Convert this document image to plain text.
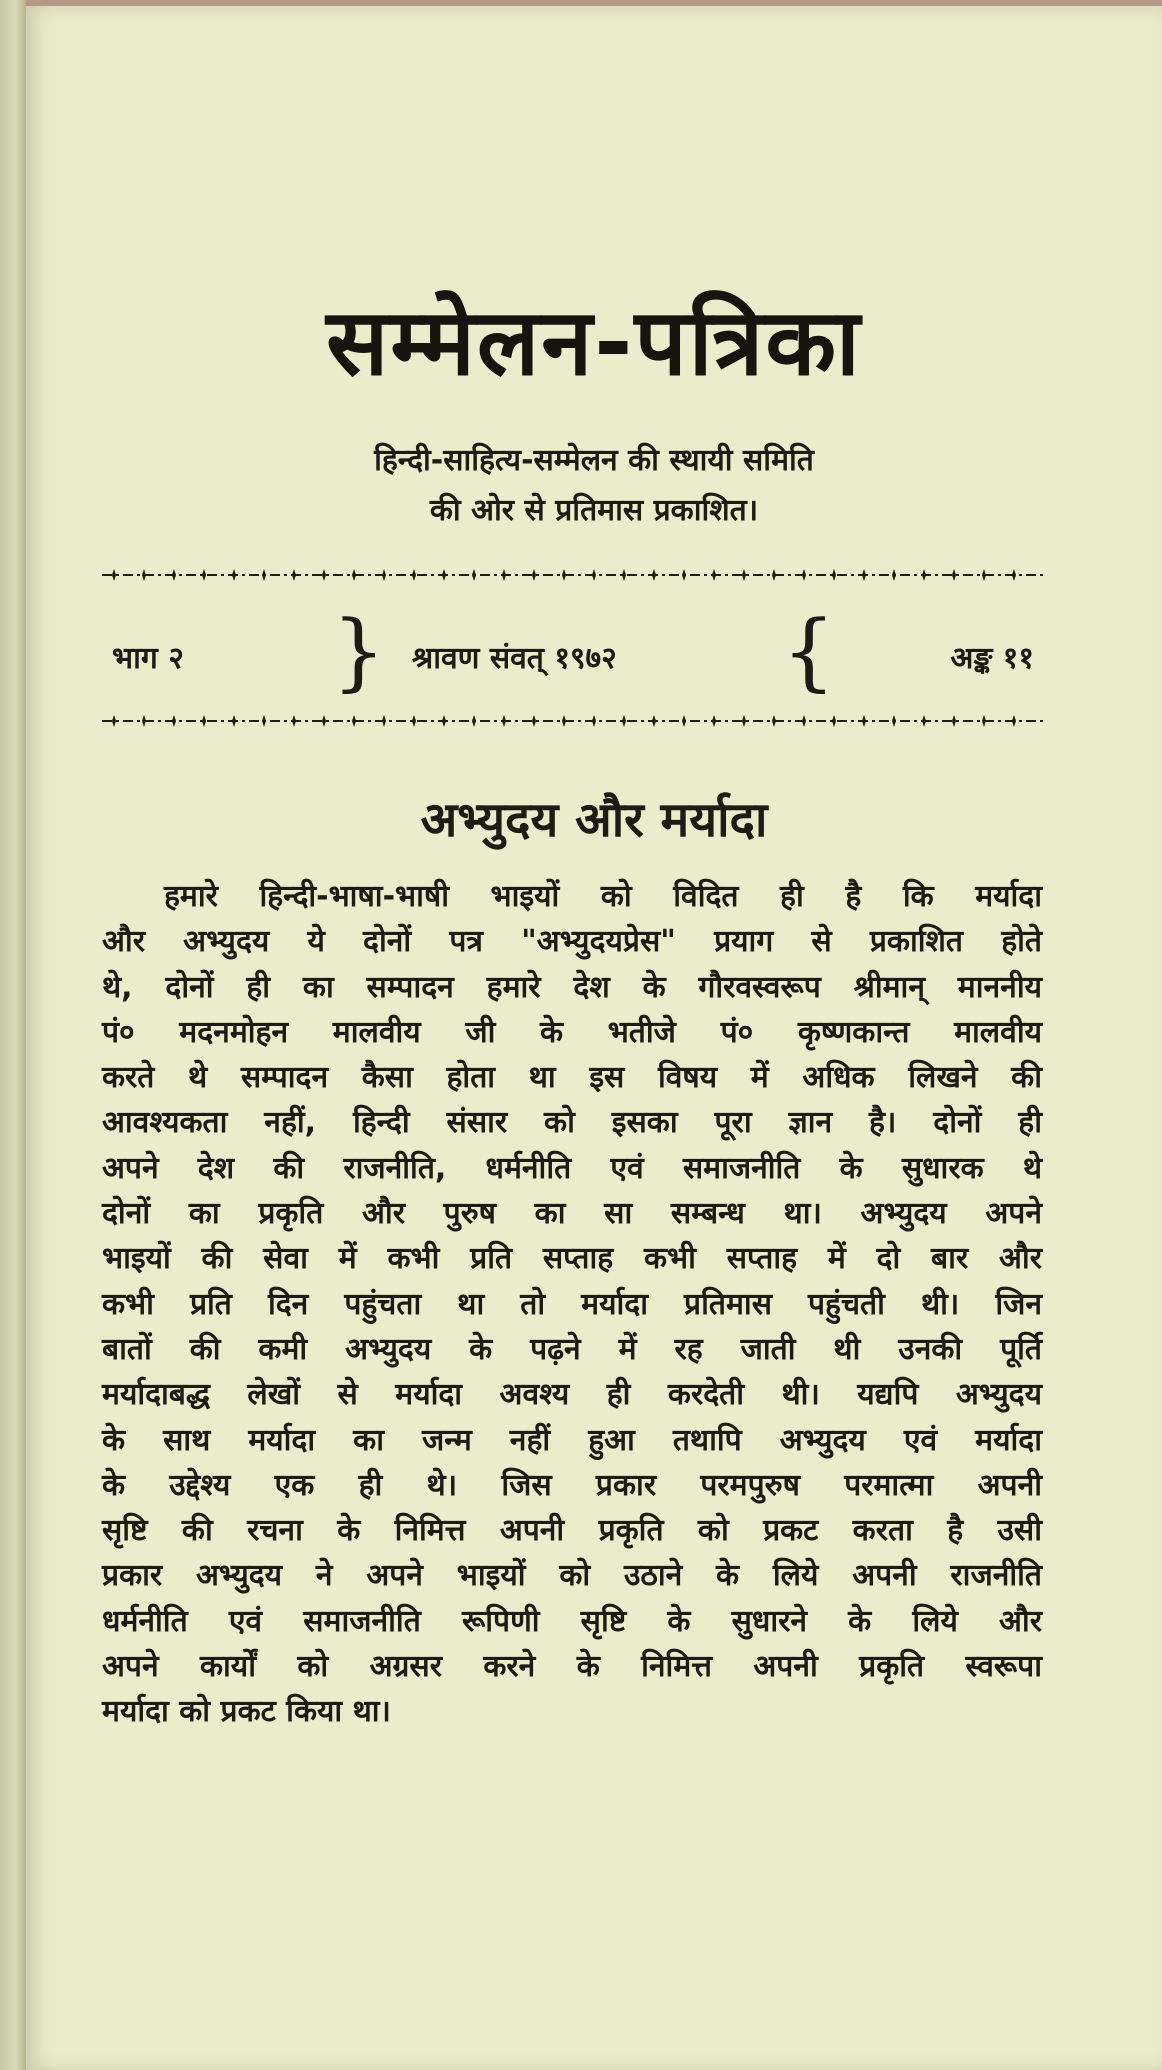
सम्मेलन-पत्रिका
हिन्दी-साहित्य-सम्मेलन की स्थायी समिति
की ओर से प्रतिमास प्रकाशित।
भाग २ } श्रावण संवत् १९७२ {	अङ्क ११
अभ्युदय और मर्यादा
हमारे हिन्दी-भाषा-भाषी भाइयों को विदित ही है कि मर्यादा
और अभ्युदय ये दोनों पत्र "अभ्युदयप्रेस" प्रयाग से प्रकाशित होते
थे, दोनों ही का सम्पादन हमारे देश के गौरवस्वरूप श्रीमान् माननीय
पं० मदनमोहन मालवीय जी के भतीजे पं० कृष्णकान्त मालवीय
करते थे सम्पादन कैसा होता था इस विषय में अधिक लिखने की
आवश्यकता नहीं, हिन्दी संसार को इसका पूरा ज्ञान है। दोनों ही
अपने देश की राजनीति, धर्मनीति एवं समाजनीति के सुधारक थे
दोनों का प्रकृति और पुरुष का सा सम्बन्ध था। अभ्युदय अपने
भाइयों की सेवा में कभी प्रति सप्ताह कभी सप्ताह में दो बार और
कभी प्रति दिन पहुंचता था तो मर्यादा प्रतिमास पहुंचती थी। जिन
बातों की कमी अभ्युदय के पढ़ने में रह जाती थी उनकी पूर्ति
मर्यादाबद्ध लेखों से मर्यादा अवश्य ही करदेती थी। यद्यपि अभ्युदय
के साथ मर्यादा का जन्म नहीं हुआ तथापि अभ्युदय एवं मर्यादा
के उद्देश्य एक ही थे। जिस प्रकार परमपुरुष परमात्मा अपनी
सृष्टि की रचना के निमित्त अपनी प्रकृति को प्रकट करता है उसी
प्रकार अभ्युदय ने अपने भाइयों को उठाने के लिये अपनी राजनीति
धर्मनीति एवं समाजनीति रूपिणी सृष्टि के सुधारने के लिये और
अपने कार्यों को अग्रसर करने के निमित्त अपनी प्रकृति स्वरूपा
मर्यादा को प्रकट किया था।
